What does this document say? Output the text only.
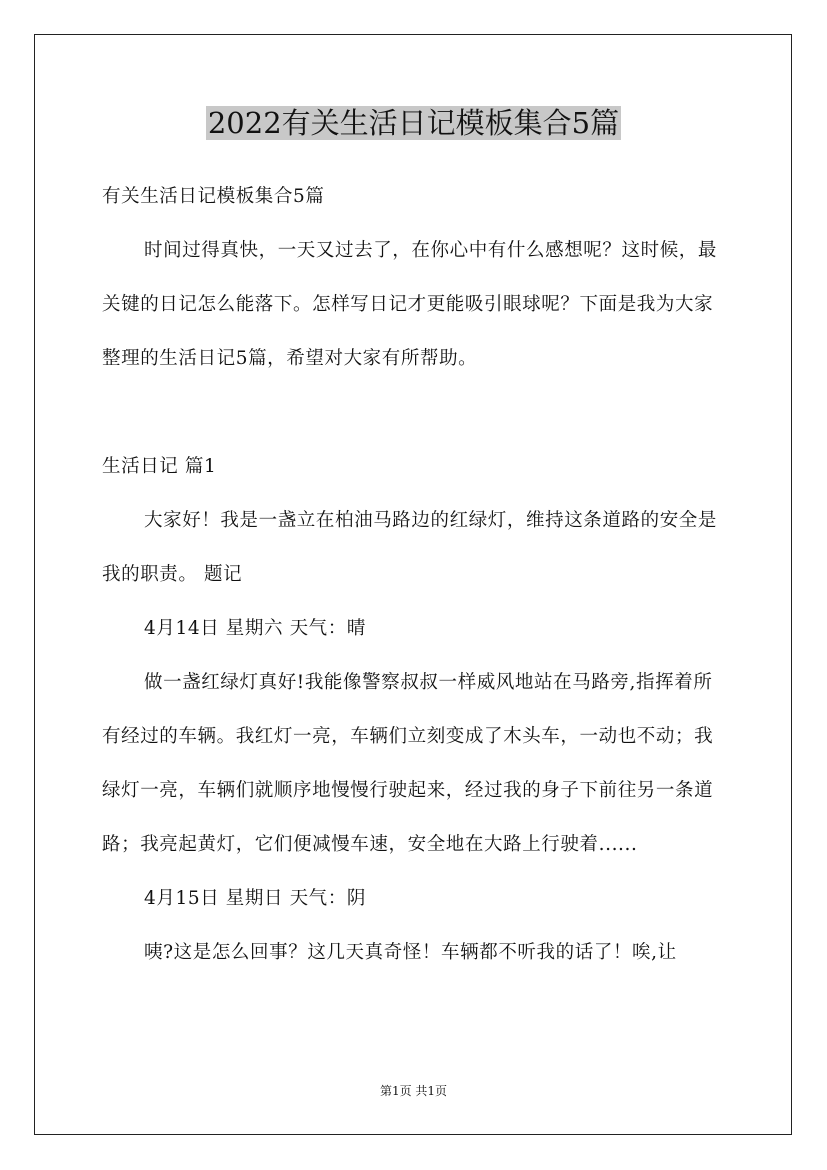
2022有关生活日记模板集合5篇

有关生活日记模板集合5篇

时间过得真快，一天又过去了，在你心中有什么感想呢？这时候，最关键的日记怎么能落下。怎样写日记才更能吸引眼球呢？下面是我为大家整理的生活日记5篇，希望对大家有所帮助。

生活日记 篇1

大家好！我是一盏立在柏油马路边的红绿灯，维持这条道路的安全是我的职责。 题记

4月14日 星期六 天气：晴

做一盏红绿灯真好!我能像警察叔叔一样威风地站在马路旁,指挥着所有经过的车辆。我红灯一亮，车辆们立刻变成了木头车，一动也不动；我绿灯一亮，车辆们就顺序地慢慢行驶起来，经过我的身子下前往另一条道路；我亮起黄灯，它们便减慢车速，安全地在大路上行驶着......

4月15日 星期日 天气：阴

咦?这是怎么回事？这几天真奇怪！车辆都不听我的话了！唉,让

第1页 共1页
